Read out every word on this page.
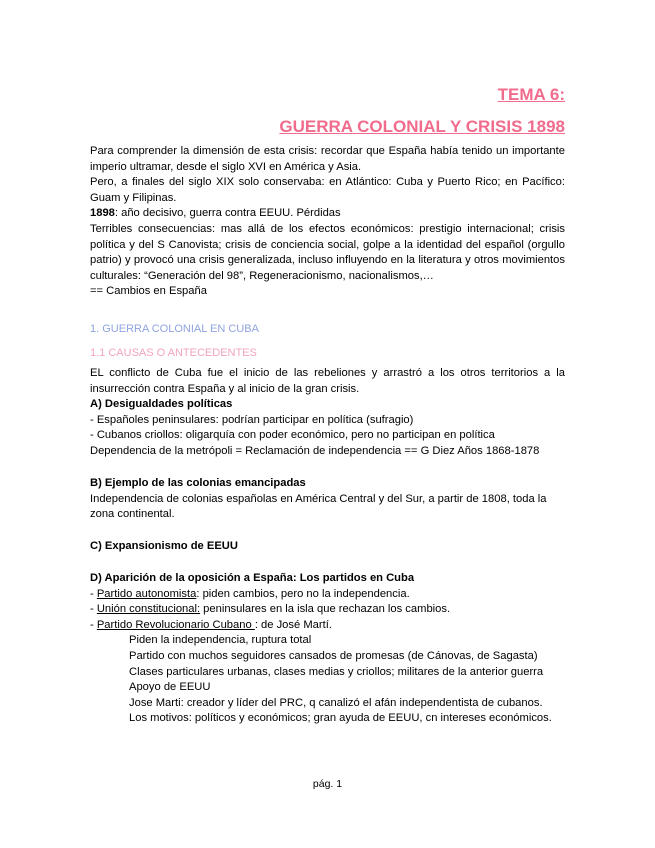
TEMA 6:
GUERRA COLONIAL Y CRISIS 1898

Para comprender la dimensión de esta crisis: recordar que España había tenido un importante imperio ultramar, desde el siglo XVI en América y Asia.

Pero, a finales del siglo XIX solo conservaba: en Atlántico: Cuba y Puerto Rico; en Pacífico: Guam y Filipinas.

1898: año decisivo, guerra contra EEUU. Pérdidas

Terribles consecuencias: mas allá de los efectos económicos: prestigio internacional; crisis política y del S Canovista; crisis de conciencia social, golpe a la identidad del español (orgullo patrio) y provocó una crisis generalizada, incluso influyendo en la literatura y otros movimientos culturales: “Generación del 98”, Regeneracionismo, nacionalismos,…

== Cambios en España

1. GUERRA COLONIAL EN CUBA
1.1 CAUSAS O ANTECEDENTES

EL conflicto de Cuba fue el inicio de las rebeliones y arrastró a los otros territorios a la insurrección contra España y al inicio de la gran crisis.

A) Desigualdades políticas

- Españoles peninsulares: podrían participar en política (sufragio)

- Cubanos criollos: oligarquía con poder económico, pero no participan en política

Dependencia de la metrópoli = Reclamación de independencia == G Diez Años 1868-1878

B) Ejemplo de las colonias emancipadas

Independencia de colonias españolas en América Central y del Sur, a partir de 1808, toda la zona continental.

C) Expansionismo de EEUU

D) Aparición de la oposición a España: Los partidos en Cuba

- Partido autonomista: piden cambios, pero no la independencia.

- Unión constitucional: peninsulares en la isla que rechazan los cambios.

- Partido Revolucionario Cubano : de José Martí.

Piden la independencia, ruptura total

Partido con muchos seguidores cansados de promesas (de Cánovas, de Sagasta)

Clases particulares urbanas, clases medias y criollos; militares de la anterior guerra

Apoyo de EEUU

Jose Marti: creador y líder del PRC, q canalizó el afán independentista de cubanos.

Los motivos: políticos y económicos; gran ayuda de EEUU, cn intereses económicos.

pág. 1
